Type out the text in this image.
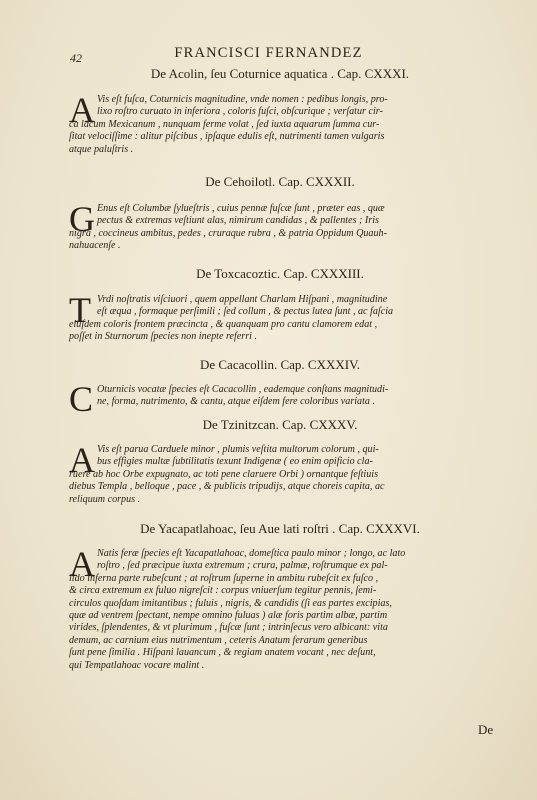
42	FRANCISCI FERNANDEZ
De Acolin, ſeu Coturnice aquatica . Cap. CXXXI.
A Vis eſt fuſca, Coturnicis magnitudine, vnde nomen : pedibus longis, pro-
lixo roſtro curuato in inferiora , coloris fuſci, obſcurique ; verſatur cir-
ca lacum Mexicanum , nunquam ferme volat , ſed iuxta aquarum ſumma cur-
ſitat velociſſime : alitur piſcibus , ipſaque edulis eſt, nutrimenti tamen vulgaris
atque paluſtris .
De Cehoilotl. Cap. CXXXII.
G Enus eſt Columbæ ſylueſtris , cuius pennæ fuſcæ ſunt , præter eas , quæ
pectus & extremas veſtiunt alas, nimirum candidas , & pallentes ; Iris
nigra , coccineus ambitus, pedes , cruraque rubra , & patria Oppidum Quauh-
nahuacenſe .
De Toxcacoztic. Cap. CXXXIII.
T Vrdi noſtratis viſciuori , quem appellant Charlam Hiſpani , magnitudine
eſt æqua , formaque perſimili ; ſed collum , & pectus lutea ſunt , ac faſcia
eiuſdem coloris frontem præcincta , & quanquam pro cantu clamorem edat ,
poſſet in Sturnorum ſpecies non inepte referri .
De Cacacollin. Cap. CXXXIV.
C Oturnicis vocatæ ſpecies eſt Cacacollin , eademque conſtans magnitudi-
ne, forma, nutrimento, & cantu, atque eiſdem fere coloribus variata .
De Tzinitzcan. Cap. CXXXV.
A Vis eſt parua Carduele minor , plumis veſtita multorum colorum , qui-
bus effigies multæ ſubtilitatis texunt Indigenæ ( eo enim opificio cla-
ruere ab hoc Orbe expugnato, ac toti pene claruere Orbi ) ornantque feſtiuis
diebus Templa , belloque , pace , & publicis tripudijs, atque choreis capita, ac
reliquum corpus .
De Yacapatlahoac, ſeu Aue lati roſtri . Cap. CXXXVI.
A Natis feræ ſpecies eſt Yacapatlahoac, domeſtica paulo minor ; longo, ac lato
roſtro , ſed præcipue iuxta extremum ; crura, palmæ, roſtrumque ex pal-
lido inferna parte rubeſcunt ; at roſtrum ſuperne in ambitu rubeſcit ex fuſco ,
& circa extremum ex fuluo nigreſcit : corpus vniuerſum tegitur pennis, ſemi-
circulos quoſdam imitantibus ; fuluis , nigris, & candidis (ſi eas partes excipias,
quæ ad ventrem ſpectant, nempe omnino fuluas ) alæ foris partim albæ, partim
virides, ſplendentes, & vt plurimum , fuſcæ ſunt ; intrinſecus vero albicant: vita
demum, ac carnium eius nutrimentum , ceteris Anatum ferarum generibus
ſunt pene ſimilia . Hiſpani lauancum , & regiam anatem vocant , nec deſunt,
qui Tempatlahoac vocare malint .
De
